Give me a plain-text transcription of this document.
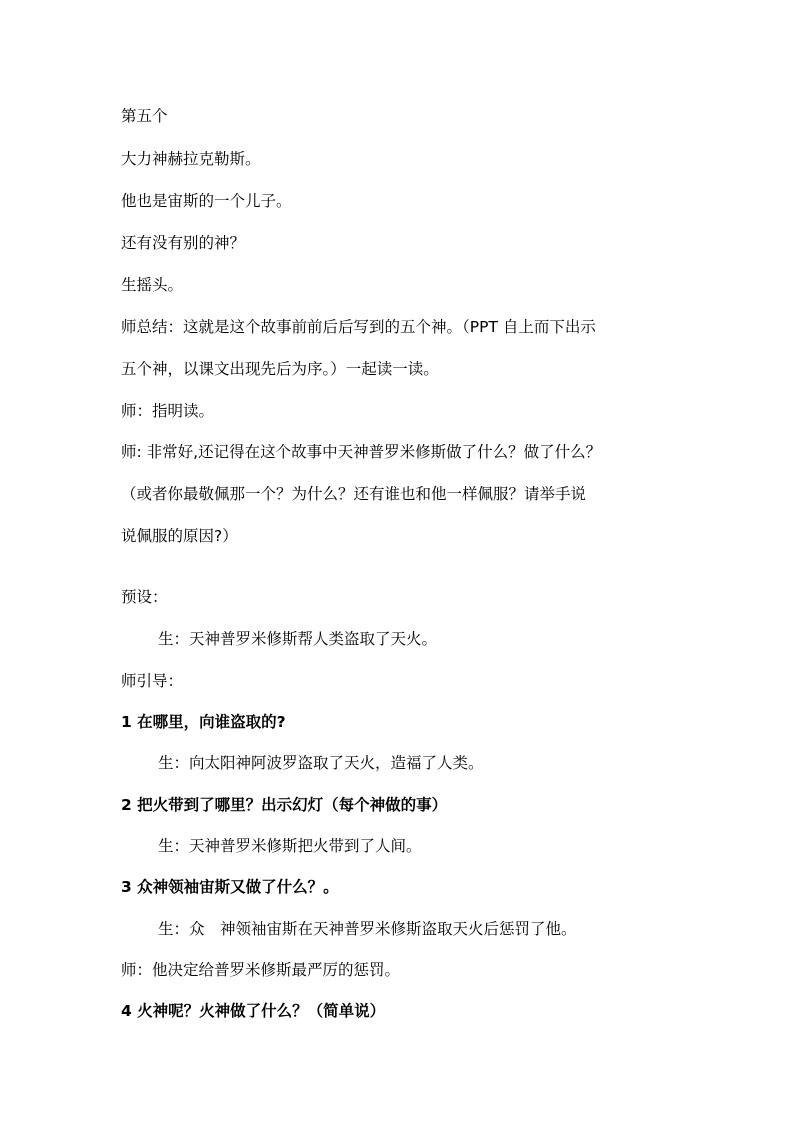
第五个
大力神赫拉克勒斯。
他也是宙斯的一个儿子。
还有没有别的神？
生摇头。
师总结：这就是这个故事前前后后写到的五个神。（PPT 自上而下出示
五个神，以课文出现先后为序。）一起读一读。
师：指明读。
师: 非常好,还记得在这个故事中天神普罗米修斯做了什么？做了什么？
（或者你最敬佩那一个？为什么？还有谁也和他一样佩服？请举手说
说佩服的原因?）
预设：
生：天神普罗米修斯帮人类盗取了天火。
师引导：
1 在哪里，向谁盗取的?
生：向太阳神阿波罗盗取了天火，造福了人类。
2 把火带到了哪里？出示幻灯（每个神做的事）
生：天神普罗米修斯把火带到了人间。
3 众神领袖宙斯又做了什么？。
生：众　神领袖宙斯在天神普罗米修斯盗取天火后惩罚了他。
师：他决定给普罗米修斯最严厉的惩罚。
4 火神呢？火神做了什么？（简单说）
